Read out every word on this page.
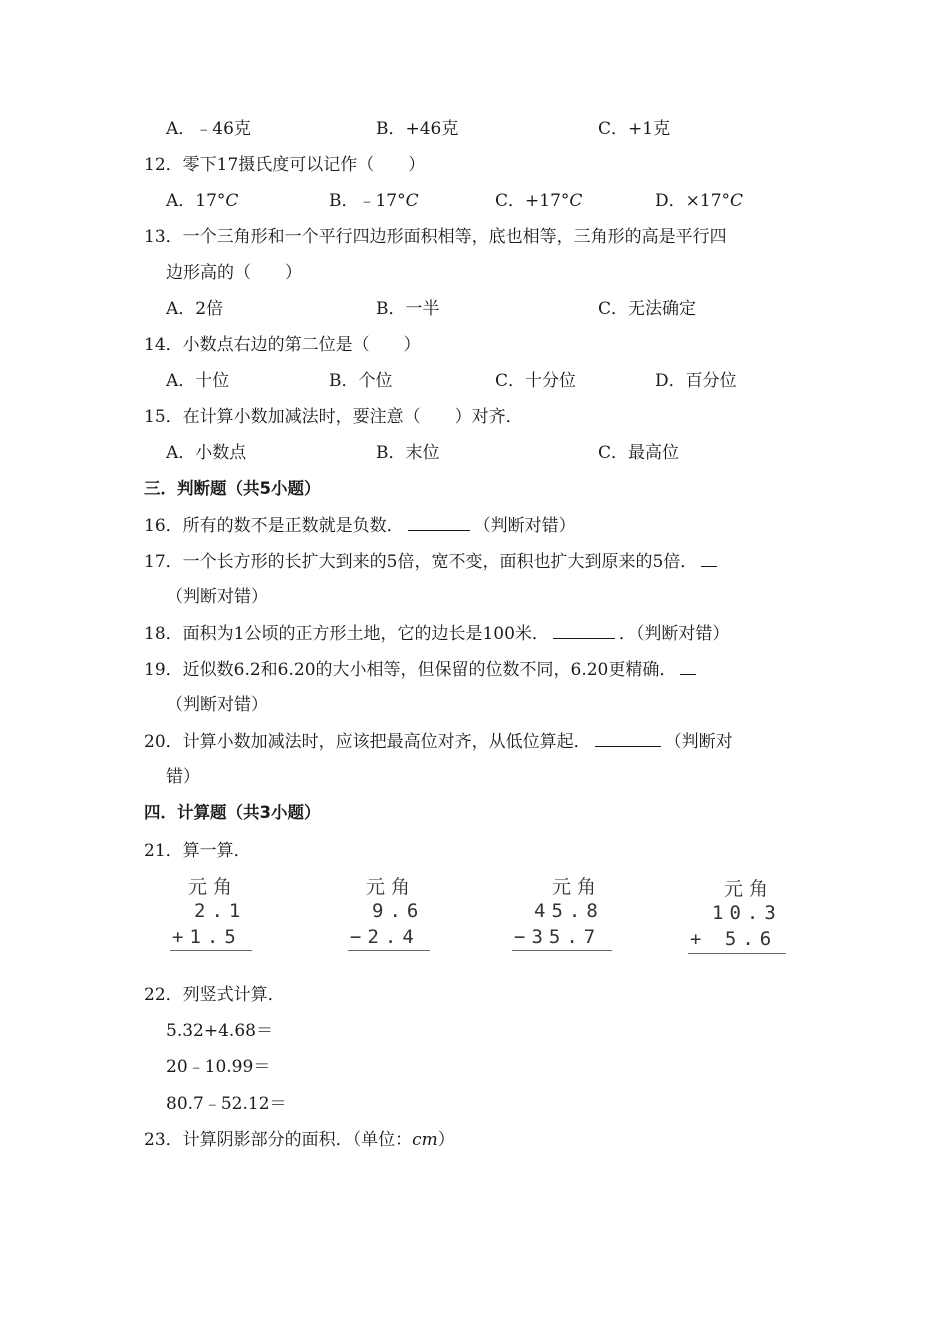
A．﹣46克	B．+46克	C．+1克
12．零下17摄氏度可以记作（　　）
A．17°C	B．﹣17°C	C．+17°C	D．×17°C
13．一个三角形和一个平行四边形面积相等，底也相等，三角形的高是平行四
边形高的（　　）
A．2倍	B．一半	C．无法确定
14．小数点右边的第二位是（　　）
A．十位	B．个位	C．十分位	D．百分位
15．在计算小数加减法时，要注意（　　）对齐．
A．小数点	B．末位	C．最高位
三．判断题（共5小题）
16．所有的数不是正数就是负数．	（判断对错）
17．一个长方形的长扩大到来的5倍，宽不变，面积也扩大到原来的5倍．
（判断对错）
18．面积为1公顷的正方形土地，它的边长是100米．	．（判断对错）
19．近似数6.2和6.20的大小相等，但保留的位数不同，6.20更精确．
（判断对错）
20．计算小数加减法时，应该把最高位对齐，从低位算起．	（判断对
错）
四．计算题（共3小题）
21．算一算．
元角
2.1
+1.5
元角
9.6
−2.4
元角
45.8
−35.7
元角
10.3
+ 5.6
22．列竖式计算．
5.32+4.68＝
20﹣10.99＝
80.7﹣52.12＝
23．计算阴影部分的面积．（单位：cm）
